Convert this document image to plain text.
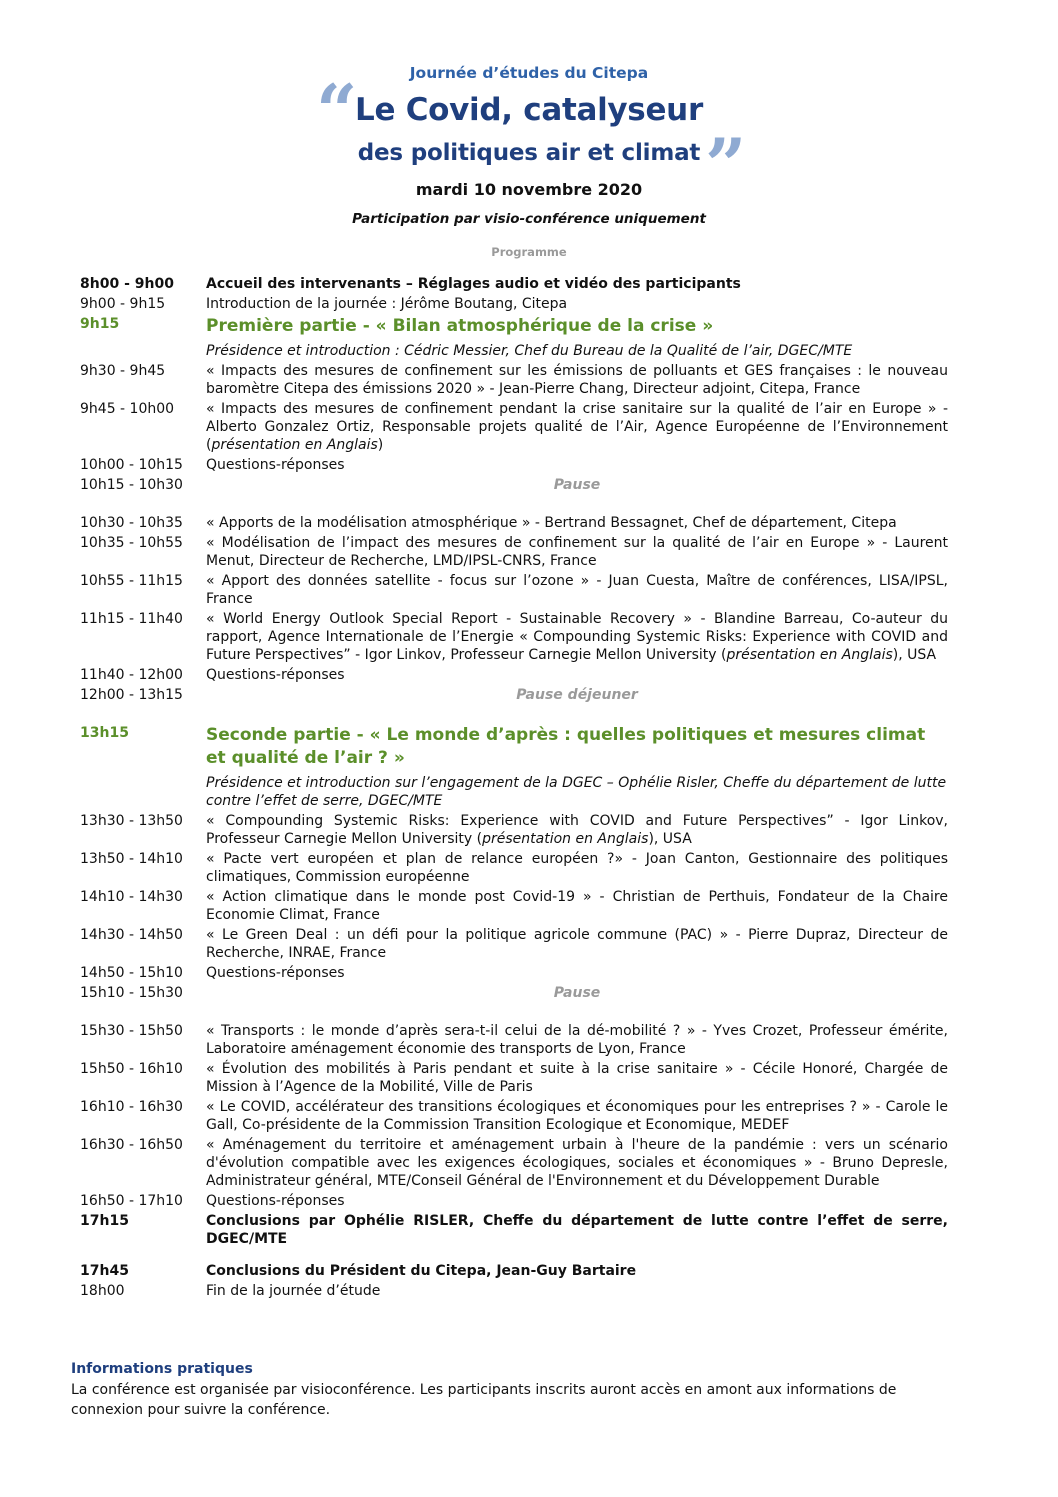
Journée d’études du Citepa
“
Le Covid, catalyseur
des politiques air et climat ”
mardi 10 novembre 2020
Participation par visio-conférence uniquement
Programme
8h00 - 9h00	Accueil des intervenants – Réglages audio et vidéo des participants
9h00 - 9h15	Introduction de la journée : Jérôme Boutang, Citepa
9h15	Première partie - « Bilan atmosphérique de la crise »
Présidence et introduction : Cédric Messier, Chef du Bureau de la Qualité de l’air, DGEC/MTE
9h30 - 9h45	« Impacts des mesures de confinement sur les émissions de polluants et GES françaises : le nouveau baromètre Citepa des émissions 2020 » - Jean-Pierre Chang, Directeur adjoint, Citepa, France
9h45 - 10h00	« Impacts des mesures de confinement pendant la crise sanitaire sur la qualité de l’air en Europe » - Alberto Gonzalez Ortiz, Responsable projets qualité de l’Air, Agence Européenne de l’Environnement (présentation en Anglais)
10h00 - 10h15	Questions-réponses
10h15 - 10h30	Pause
10h30 - 10h35	« Apports de la modélisation atmosphérique » - Bertrand Bessagnet, Chef de département, Citepa
10h35 - 10h55	« Modélisation de l’impact des mesures de confinement sur la qualité de l’air en Europe » - Laurent Menut, Directeur de Recherche, LMD/IPSL-CNRS, France
10h55 - 11h15	« Apport des données satellite - focus sur l’ozone » - Juan Cuesta, Maître de conférences, LISA/IPSL, France
11h15 - 11h40	« World Energy Outlook Special Report - Sustainable Recovery » - Blandine Barreau, Co-auteur du rapport, Agence Internationale de l’Energie « Compounding Systemic Risks: Experience with COVID and Future Perspectives” - Igor Linkov, Professeur Carnegie Mellon University (présentation en Anglais), USA
11h40 - 12h00	Questions-réponses
12h00 - 13h15	Pause déjeuner
13h15	Seconde partie - « Le monde d’après : quelles politiques et mesures climat et qualité de l’air ? »
Présidence et introduction sur l’engagement de la DGEC – Ophélie Risler, Cheffe du département de lutte contre l’effet de serre, DGEC/MTE
13h30 - 13h50	« Compounding Systemic Risks: Experience with COVID and Future Perspectives” - Igor Linkov, Professeur Carnegie Mellon University (présentation en Anglais), USA
13h50 - 14h10	« Pacte vert européen et plan de relance européen ?» - Joan Canton, Gestionnaire des politiques climatiques, Commission européenne
14h10 - 14h30	« Action climatique dans le monde post Covid-19 » - Christian de Perthuis, Fondateur de la Chaire Economie Climat, France
14h30 - 14h50	« Le Green Deal : un défi pour la politique agricole commune (PAC) » - Pierre Dupraz, Directeur de Recherche, INRAE, France
14h50 - 15h10	Questions-réponses
15h10 - 15h30	Pause
15h30 - 15h50	« Transports : le monde d’après sera-t-il celui de la dé-mobilité ? » - Yves Crozet, Professeur émérite, Laboratoire aménagement économie des transports de Lyon, France
15h50 - 16h10	« Évolution des mobilités à Paris pendant et suite à la crise sanitaire » - Cécile Honoré, Chargée de Mission à l’Agence de la Mobilité, Ville de Paris
16h10 - 16h30	« Le COVID, accélérateur des transitions écologiques et économiques pour les entreprises ? » - Carole le Gall, Co-présidente de la Commission Transition Ecologique et Economique, MEDEF
16h30 - 16h50	« Aménagement du territoire et aménagement urbain à l'heure de la pandémie : vers un scénario d'évolution compatible avec les exigences écologiques, sociales et économiques » - Bruno Depresle, Administrateur général, MTE/Conseil Général de l'Environnement et du Développement Durable
16h50 - 17h10	Questions-réponses
17h15	Conclusions par Ophélie RISLER, Cheffe du département de lutte contre l’effet de serre, DGEC/MTE
17h45	Conclusions du Président du Citepa, Jean-Guy Bartaire
18h00	Fin de la journée d’étude
Informations pratiques
La conférence est organisée par visioconférence. Les participants inscrits auront accès en amont aux informations de connexion pour suivre la conférence.
